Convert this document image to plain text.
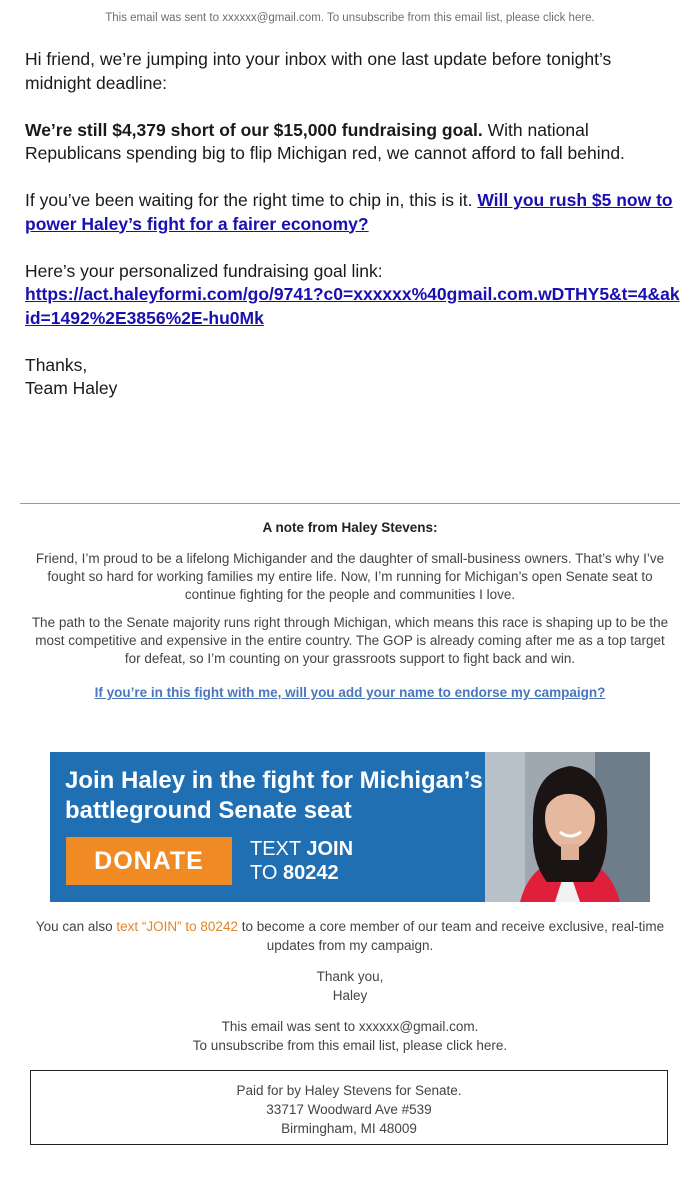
This email was sent to xxxxxx@gmail.com. To unsubscribe from this email list, please click here.

Hi friend, we’re jumping into your inbox with one last update before tonight’s midnight deadline:

We’re still $4,379 short of our $15,000 fundraising goal. With national Republicans spending big to flip Michigan red, we cannot afford to fall behind.

If you’ve been waiting for the right time to chip in, this is it. Will you rush $5 now to power Haley’s fight for a fairer economy?

Here’s your personalized fundraising goal link:
https://act.haleyformi.com/go/9741?c0=xxxxxx%40gmail.com.wDTHY5&t=4&akid=1492%2E3856%2E-hu0Mk

Thanks,
Team Haley

A note from Haley Stevens:

Friend, I’m proud to be a lifelong Michigander and the daughter of small-business owners. That’s why I’ve fought so hard for working families my entire life. Now, I’m running for Michigan’s open Senate seat to continue fighting for the people and communities I love.

The path to the Senate majority runs right through Michigan, which means this race is shaping up to be the most competitive and expensive in the entire country. The GOP is already coming after me as a top target for defeat, so I’m counting on your grassroots support to fight back and win.

If you’re in this fight with me, will you add your name to endorse my campaign?
Join Haley in the fight for Michigan’s battleground Senate seat
DONATE	TEXT JOIN
TO 80242

You can also text “JOIN” to 80242 to become a core member of our team and receive exclusive, real-time updates from my campaign.

Thank you,
Haley

This email was sent to xxxxxx@gmail.com.
To unsubscribe from this email list, please click here.

Paid for by Haley Stevens for Senate.
33717 Woodward Ave #539
Birmingham, MI 48009
